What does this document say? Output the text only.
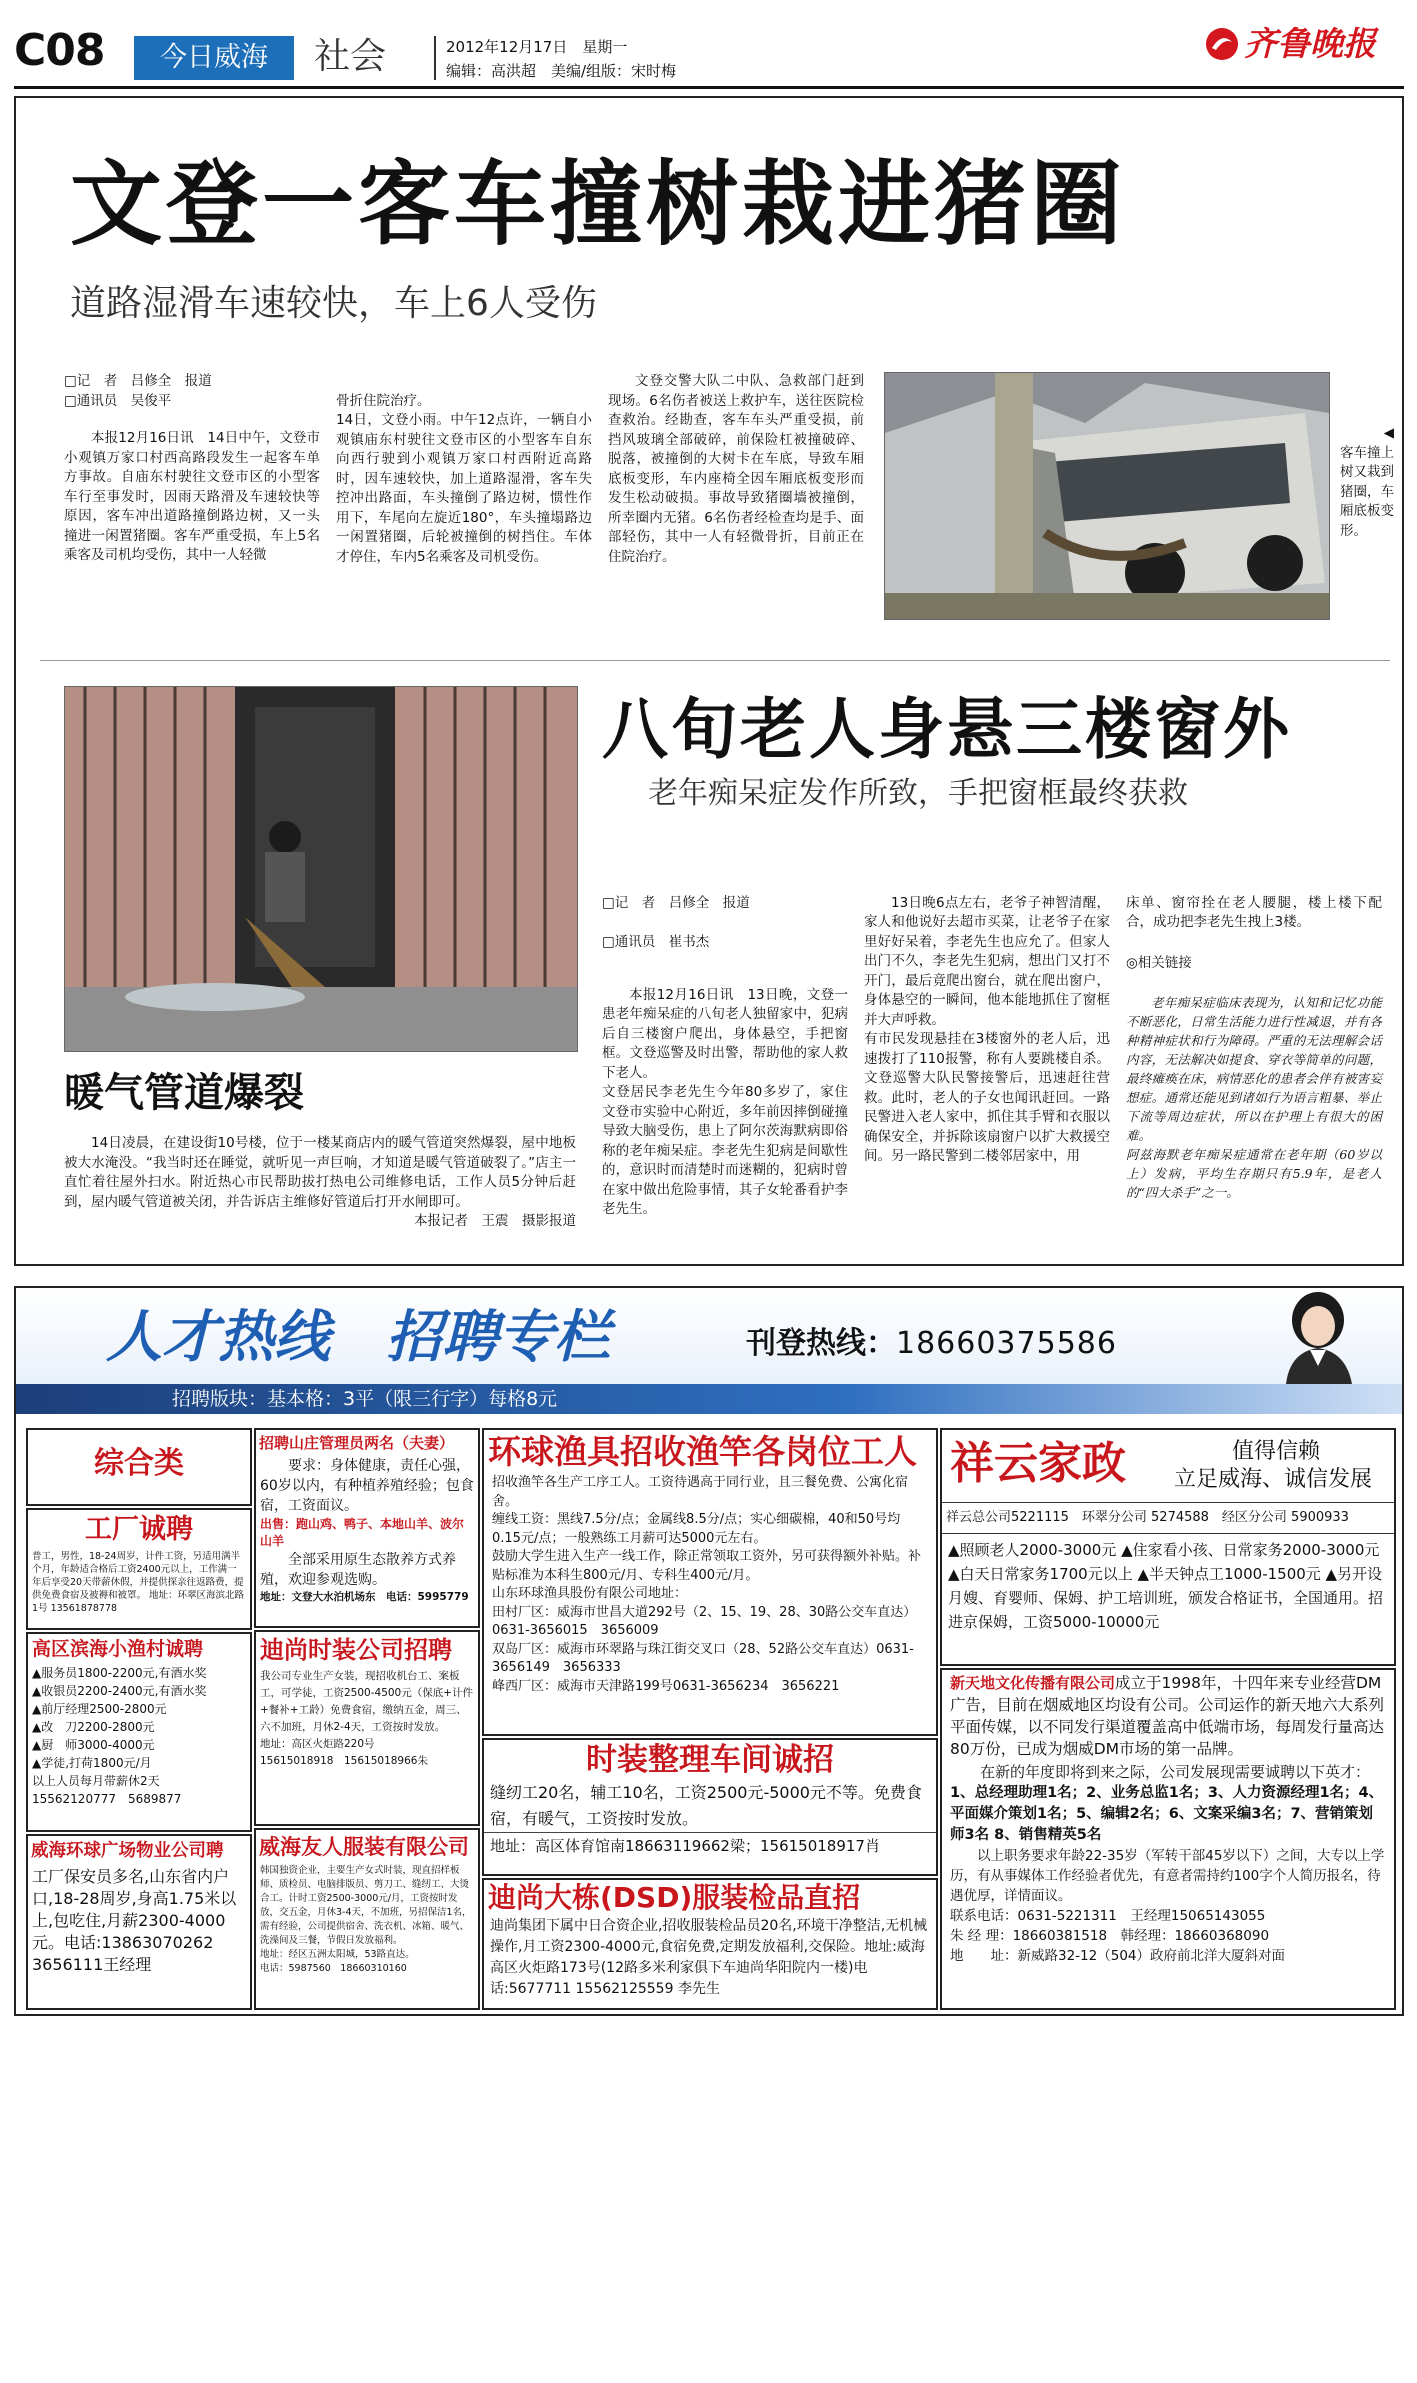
C08	今日威海	社会	2012年12月17日　星期一
编辑：高洪超　美编/组版：宋时梅
齐鲁晚报
文登一客车撞树栽进猪圈
道路湿滑车速较快，车上6人受伤

□记　者　吕修全　报道

□通讯员　吴俊平

本报12月16日讯　14日中午，文登市小观镇万家口村西高路段发生一起客车单方事故。自庙东村驶往文登市区的小型客车行至事发时，因雨天路滑及车速较快等原因，客车冲出道路撞倒路边树，又一头撞进一闲置猪圈。客车严重受损，车上5名乘客及司机均受伤，其中一人轻微

骨折住院治疗。
14日，文登小雨。中午12点许，一辆自小观镇庙东村驶往文登市区的小型客车自东向西行驶到小观镇万家口村西附近高路时，因车速较快，加上道路湿滑，客车失控冲出路面，车头撞倒了路边树，惯性作用下，车尾向左旋近180°，车头撞塌路边一闲置猪圈，后轮被撞倒的树挡住。车体才停住，车内5名乘客及司机受伤。

文登交警大队二中队、急救部门赶到现场。6名伤者被送上救护车，送往医院检查救治。经勘查，客车车头严重受损，前挡风玻璃全部破碎，前保险杠被撞破碎、脱落，被撞倒的大树卡在车底，导致车厢底板变形，车内座椅全因车厢底板变形而发生松动破损。事故导致猪圈墙被撞倒，所幸圈内无猪。6名伤者经检查均是手、面部轻伤，其中一人有轻微骨折，目前正在住院治疗。

◀
客车撞上树又栽到猪圈，车厢底板变形。
暖气管道爆裂

14日凌晨，在建设街10号楼，位于一楼某商店内的暖气管道突然爆裂，屋中地板被大水淹没。“我当时还在睡觉，就听见一声巨响，才知道是暖气管道破裂了。”店主一直忙着往屋外扫水。附近热心市民帮助拔打热电公司维修电话，工作人员5分钟后赶到，屋内暖气管道被关闭，并告诉店主维修好管道后打开水闸即可。

本报记者　王震　摄影报道

八旬老人身悬三楼窗外
老年痴呆症发作所致，手把窗框最终获救

□记　者　吕修全　报道

□通讯员　崔书杰

本报12月16日讯　13日晚，文登一患老年痴呆症的八旬老人独留家中，犯病后自三楼窗户爬出，身体悬空，手把窗框。文登巡警及时出警，帮助他的家人救下老人。
文登居民李老先生今年80多岁了，家住文登市实验中心附近，多年前因摔倒碰撞导致大脑受伤，患上了阿尔茨海默病即俗称的老年痴呆症。李老先生犯病是间歇性的，意识时而清楚时而迷糊的，犯病时曾在家中做出危险事情，其子女轮番看护李老先生。

13日晚6点左右，老爷子神智清醒，家人和他说好去超市买菜，让老爷子在家里好好呆着，李老先生也应允了。但家人出门不久，李老先生犯病，想出门又打不开门，最后竟爬出窗台，就在爬出窗户，身体悬空的一瞬间，他本能地抓住了窗框并大声呼救。
有市民发现悬挂在3楼窗外的老人后，迅速拨打了110报警，称有人要跳楼自杀。文登巡警大队民警接警后，迅速赶往营救。此时，老人的子女也闻讯赶回。一路民警进入老人家中，抓住其手臂和衣服以确保安全，并拆除该扇窗户以扩大救援空间。另一路民警到二楼邻居家中，用

床单、窗帘拴在老人腰腿，楼上楼下配合，成功把李老先生拽上3楼。

◎相关链接

老年痴呆症临床表现为，认知和记忆功能不断恶化，日常生活能力进行性减退，并有各种精神症状和行为障碍。严重的无法理解会话内容，无法解决如提食、穿衣等简单的问题，最终瘫痪在床，病情恶化的患者会伴有被害妄想症。通常还能见到诸如行为语言粗暴、举止下流等周边症状，所以在护理上有很大的困难。
阿兹海默老年痴呆症通常在老年期（60岁以上）发病，平均生存期只有5.9年，是老人的“四大杀手”之一。

人才热线　招聘专栏	刊登热线： 18660375586
招聘版块：基本格：3平（限三行字）每格8元
综合类
工厂诚聘
普工，男性，18-24周岁，计件工资，另适用满半个月，年龄适合格后工资2400元以上，工作满一年后享受20天带薪休假，并提供探亲往返路费，提供免费食宿及被褥和被罩。 地址：环翠区海滨北路1号 13561878778
高区滨海小渔村诚聘
▲服务员1800-2200元,有酒水奖
▲收银员2200-2400元,有酒水奖
▲前厅经理2500-2800元
▲改　刀2200-2800元
▲厨　师3000-4000元
▲学徒,打荷1800元/月
以上人员每月带薪休2天　15562120777　5689877
威海环球广场物业公司聘
工厂保安员多名,山东省内户口,18-28周岁,身高1.75米以上,包吃住,月薪2300-4000元。电话:13863070262　3656111王经理
招聘山庄管理员两名（夫妻）
要求：身体健康，责任心强，60岁以内，有种植养殖经验；包食宿，工资面议。
出售：跑山鸡、鸭子、本地山羊、波尔山羊
全部采用原生态散养方式养殖，欢迎参观选购。
地址：文登大水泊机场东　电话：5995779
迪尚时装公司招聘
我公司专业生产女装，现招收机台工、案板工，可学徒，工资2500-4500元（保底+计件+餐补+工龄）免费食宿，缴纳五金，周三、六不加班，月休2-4天，工资按时发放。
地址：高区火炬路220号
15615018918　15615018966朱
威海友人服装有限公司
韩国独资企业，主要生产女式时装，现直招样板师、质检员、电脑排版员、剪刀工、缝纫工、大烫合工。计时工资2500-3000元/月，工资按时发放，交五金，月休3-4天，不加班，另招保洁1名，需有经验，公司提供宿舍、洗衣机、冰箱、暖气、洗澡间及三餐，节假日发放福利。
地址：经区五洲太阳城，53路直达。
电话：5987560　18660310160
环球渔具招收渔竿各岗位工人
招收渔竿各生产工序工人。工资待遇高于同行业，且三餐免费、公寓化宿舍。
缠线工资：黑线7.5分/点；金属线8.5分/点；实心细碳棉，40和50号均0.15元/点；一般熟练工月薪可达5000元左右。
鼓励大学生进入生产一线工作，除正常领取工资外，另可获得额外补贴。补贴标准为本科生800元/月、专科生400元/月。
山东环球渔具股份有限公司地址：
田村厂区：威海市世昌大道292号（2、15、19、28、30路公交车直达）0631-3656015　3656009
双岛厂区：威海市环翠路与珠江街交叉口（28、52路公交车直达）0631-3656149　3656333
峰西厂区：威海市天津路199号0631-3656234　3656221
时装整理车间诚招
缝纫工20名，辅工10名，工资2500元-5000元不等。免费食宿，有暖气，工资按时发放。
地址：高区体育馆南18663119662梁；15615018917肖
迪尚大栋(DSD)服装检品直招
迪尚集团下属中日合资企业,招收服装检品员20名,环境干净整洁,无机械操作,月工资2300-4000元,食宿免费,定期发放福利,交保险。地址:威海高区火炬路173号(12路多米利家俱下车迪尚华阳院内一楼)电话:5677711 15562125559 李先生
祥云家政	值得信赖
立足威海、诚信发展
祥云总公司5221115　环翠分公司 5274588　经区分公司 5900933
▲照顾老人2000-3000元 ▲住家看小孩、日常家务2000-3000元 ▲白天日常家务1700元以上 ▲半天钟点工1000-1500元 ▲另开设月嫂、育婴师、保姆、护工培训班，颁发合格证书，全国通用。招进京保姆，工资5000-10000元
新天地文化传播有限公司成立于1998年，十四年来专业经营DM广告，目前在烟威地区均设有公司。公司运作的新天地六大系列平面传媒，以不同发行渠道覆盖高中低端市场，每周发行量高达80万份，已成为烟威DM市场的第一品牌。
在新的年度即将到来之际，公司发展现需要诚聘以下英才：
1、总经理助理1名；2、业务总监1名；3、人力资源经理1名；4、平面媒介策划1名；5、编辑2名；6、文案采编3名；7、营销策划师3名 8、销售精英5名
以上职务要求年龄22-35岁（军转干部45岁以下）之间，大专以上学历，有从事媒体工作经验者优先，有意者需持约100字个人简历报名，待遇优厚，详情面议。
联系电话：0631-5221311　王经理15065143055
朱 经 理：18660381518　韩经理：18660368090
地　　址：新威路32-12（504）政府前北洋大厦斜对面
